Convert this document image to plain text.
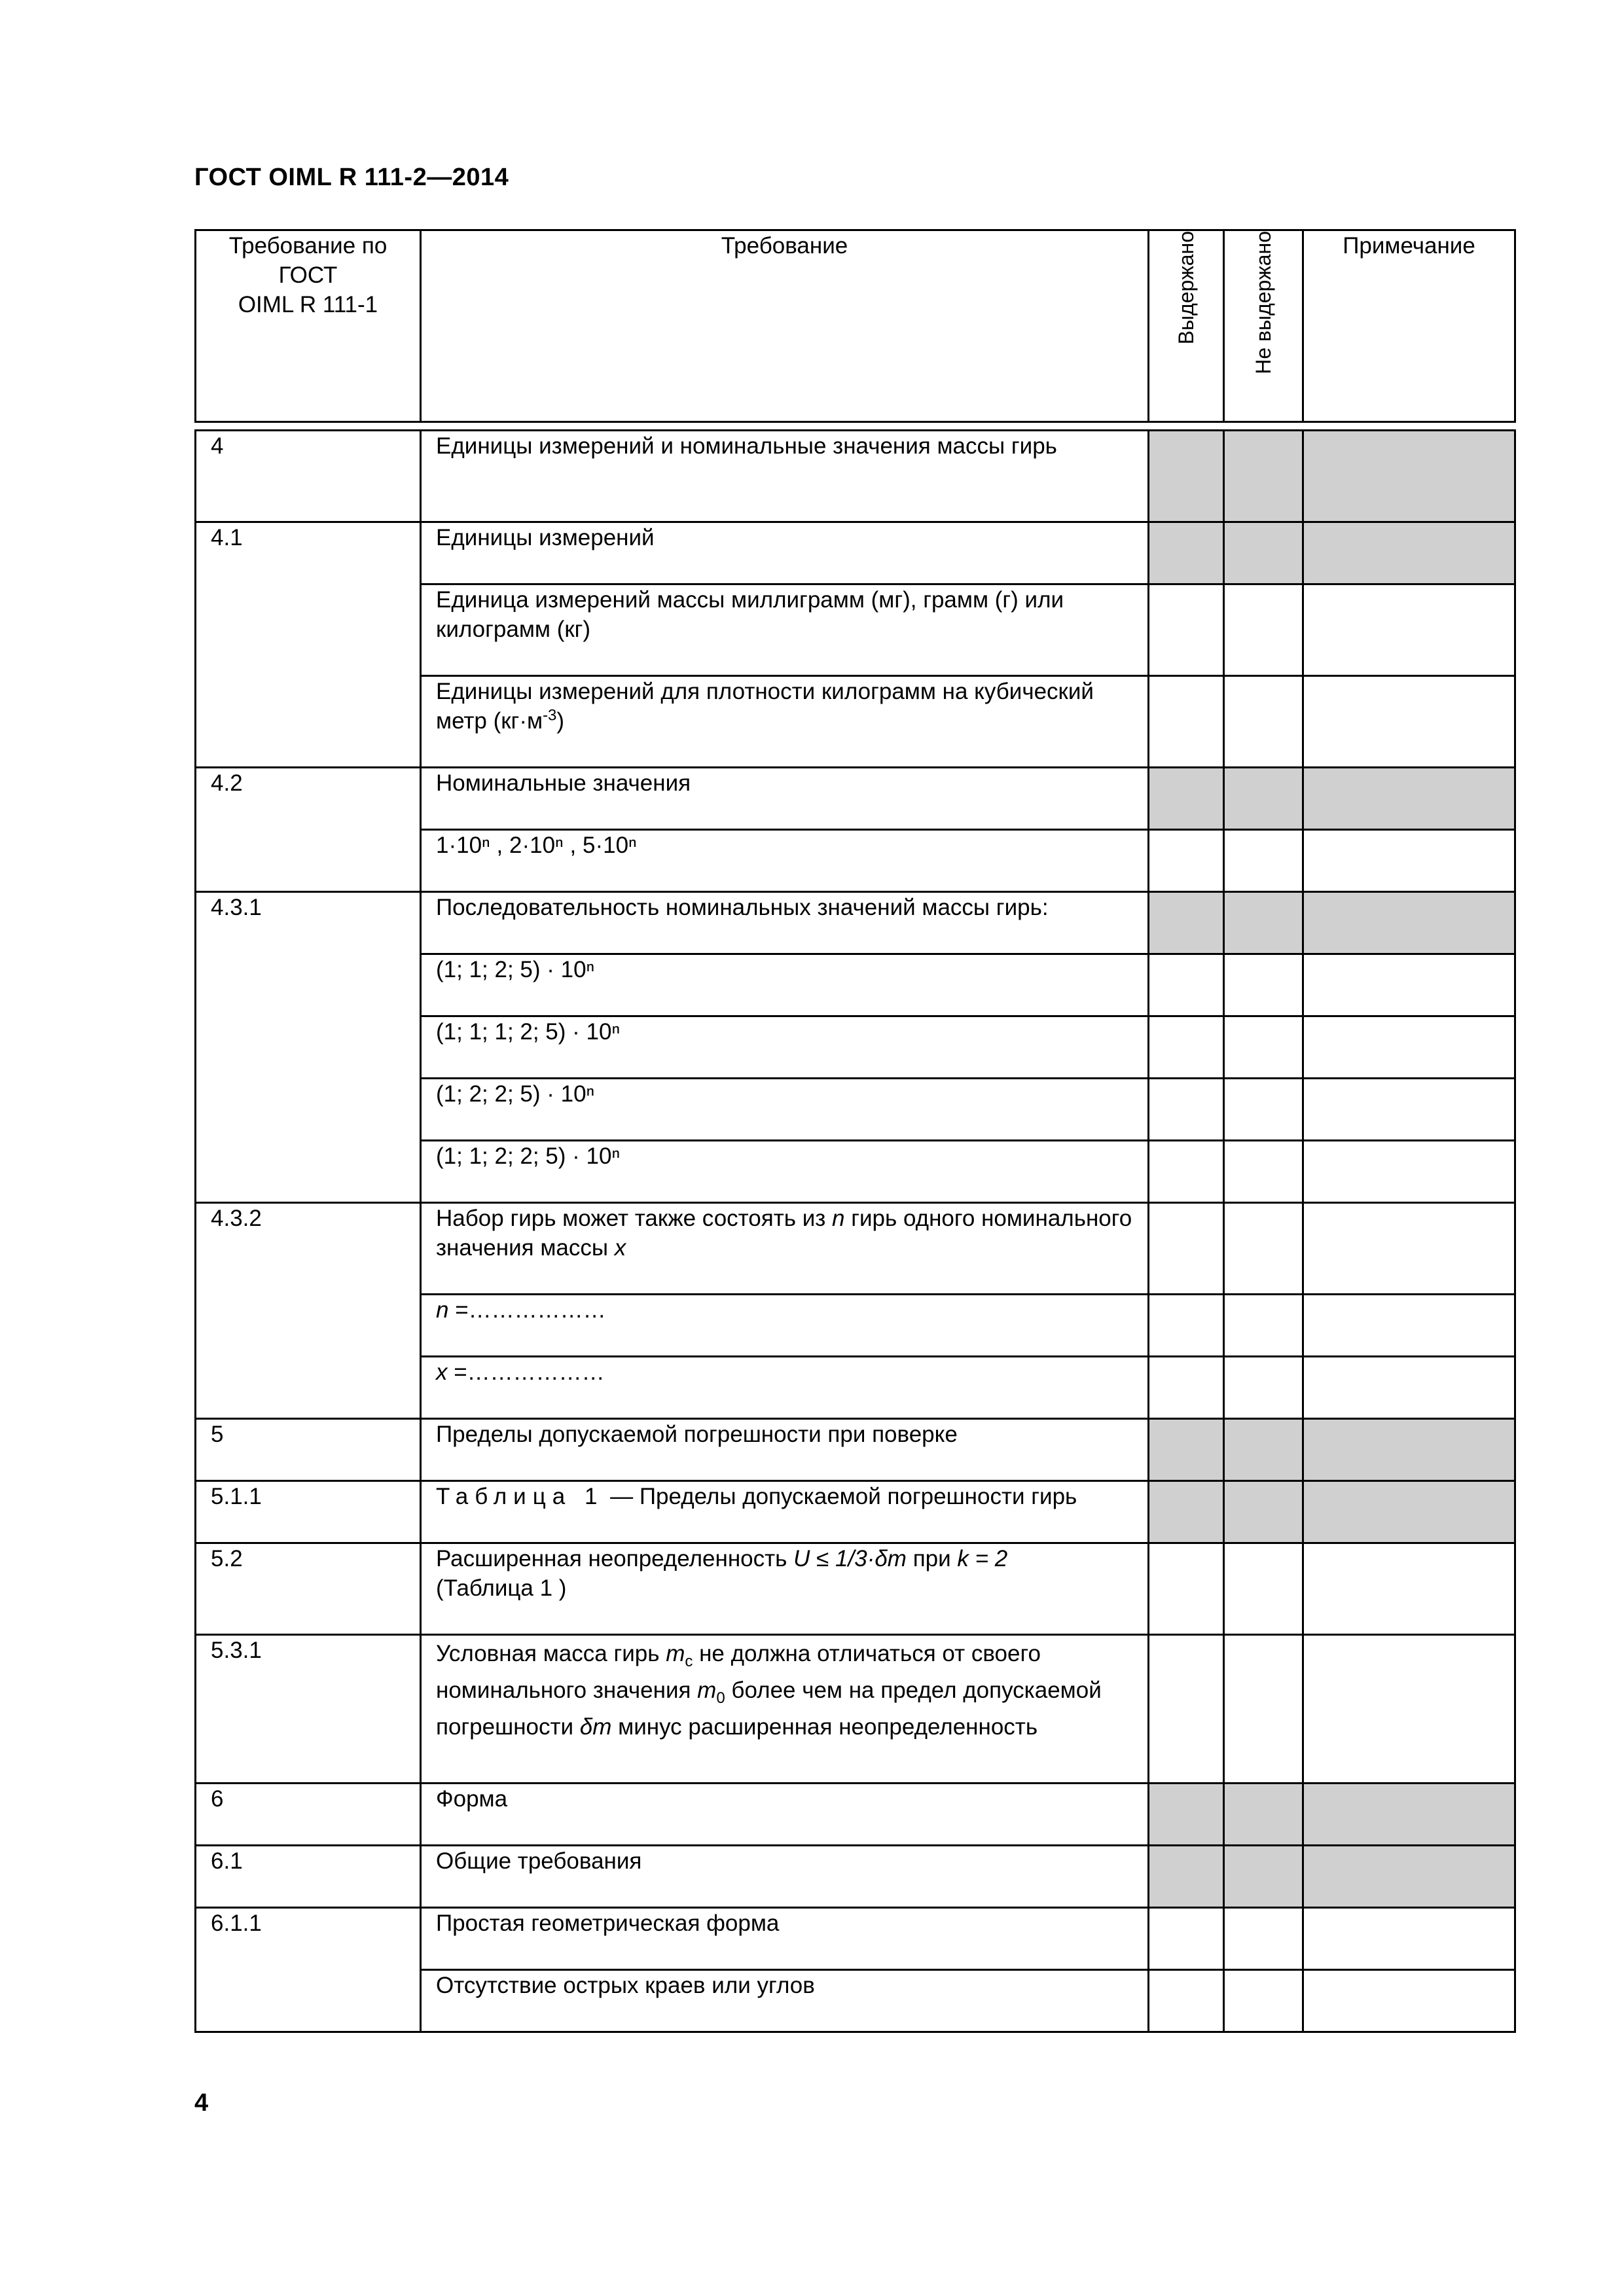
ГОСТ OIML R 111-2—2014
Требование по
ГОСТ
OIML R 111-1	Требование	Выдержано	Не выдержано	Примечание

4	Единицы измерений и номинальные значения массы гирь			
4.1	Единицы измерений			
	Единица измерений массы миллиграмм (мг), грамм (г) или килограмм (кг)			
	Единицы измерений для плотности килограмм на кубический метр $(кг\cdot м^{-3})$			
4.2	Номинальные значения			
	1·10ⁿ , 2·10ⁿ , 5·10ⁿ			
4.3.1	Последовательность номинальных значений массы гирь:			
	(1; 1; 2; 5) · 10ⁿ			
	(1; 1; 1; 2; 5) · 10ⁿ			
	(1; 2; 2; 5) · 10ⁿ			
	(1; 1; 2; 2; 5) · 10ⁿ			
4.3.2	Набор гирь может также состоять из n гирь одного номинального значения массы x			
	n =………………			
	x =………………			
5	Пределы допускаемой погрешности при поверке			
5.1.1	Таблица 1 — Пределы допускаемой погрешности гирь			
5.2	Расширенная неопределенность U ≤ 1/3·δm при k = 2
(Таблица 1 )			
5.3.1	Условная масса гирь $m_c$ не должна отличаться от своего номинального значения $m_0$ более чем на предел допускаемой погрешности δm минус расширенная неопределенность			
6	Форма			
6.1	Общие требования			
6.1.1	Простая геометрическая форма			
	Отсутствие острых краев или углов			
4
